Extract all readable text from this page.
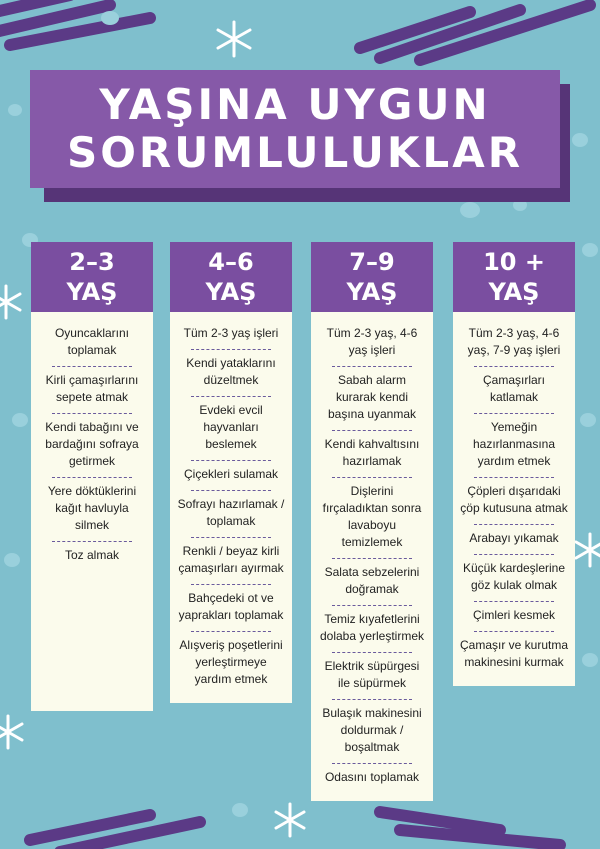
YAŞINA UYGUN
SORUMLULUKLAR
2–3
YAŞ
Oyuncaklarını toplamak
Kirli çamaşırlarını sepete atmak
Kendi tabağını ve bardağını sofraya getirmek
Yere döktüklerini kağıt havluyla silmek
Toz almak
4–6
YAŞ
Tüm 2-3 yaş işleri
Kendi yataklarını düzeltmek
Evdeki evcil hayvanları beslemek
Çiçekleri sulamak
Sofrayı hazırlamak / toplamak
Renkli / beyaz kirli çamaşırları ayırmak
Bahçedeki ot ve yaprakları toplamak
Alışveriş poşetlerini yerleştirmeye yardım etmek
7–9
YAŞ
Tüm 2-3 yaş, 4-6 yaş işleri
Sabah alarm kurarak kendi başına uyanmak
Kendi kahvaltısını hazırlamak
Dişlerini fırçaladıktan sonra lavaboyu temizlemek
Salata sebzelerini doğramak
Temiz kıyafetlerini dolaba yerleştirmek
Elektrik süpürgesi ile süpürmek
Bulaşık makinesini doldurmak / boşaltmak
Odasını toplamak
10 +
YAŞ
Tüm 2-3 yaş, 4-6 yaş, 7-9 yaş işleri
Çamaşırları katlamak
Yemeğin hazırlanmasına yardım etmek
Çöpleri dışarıdaki çöp kutusuna atmak
Arabayı yıkamak
Küçük kardeşlerine göz kulak olmak
Çimleri kesmek
Çamaşır ve kurutma makinesini kurmak
